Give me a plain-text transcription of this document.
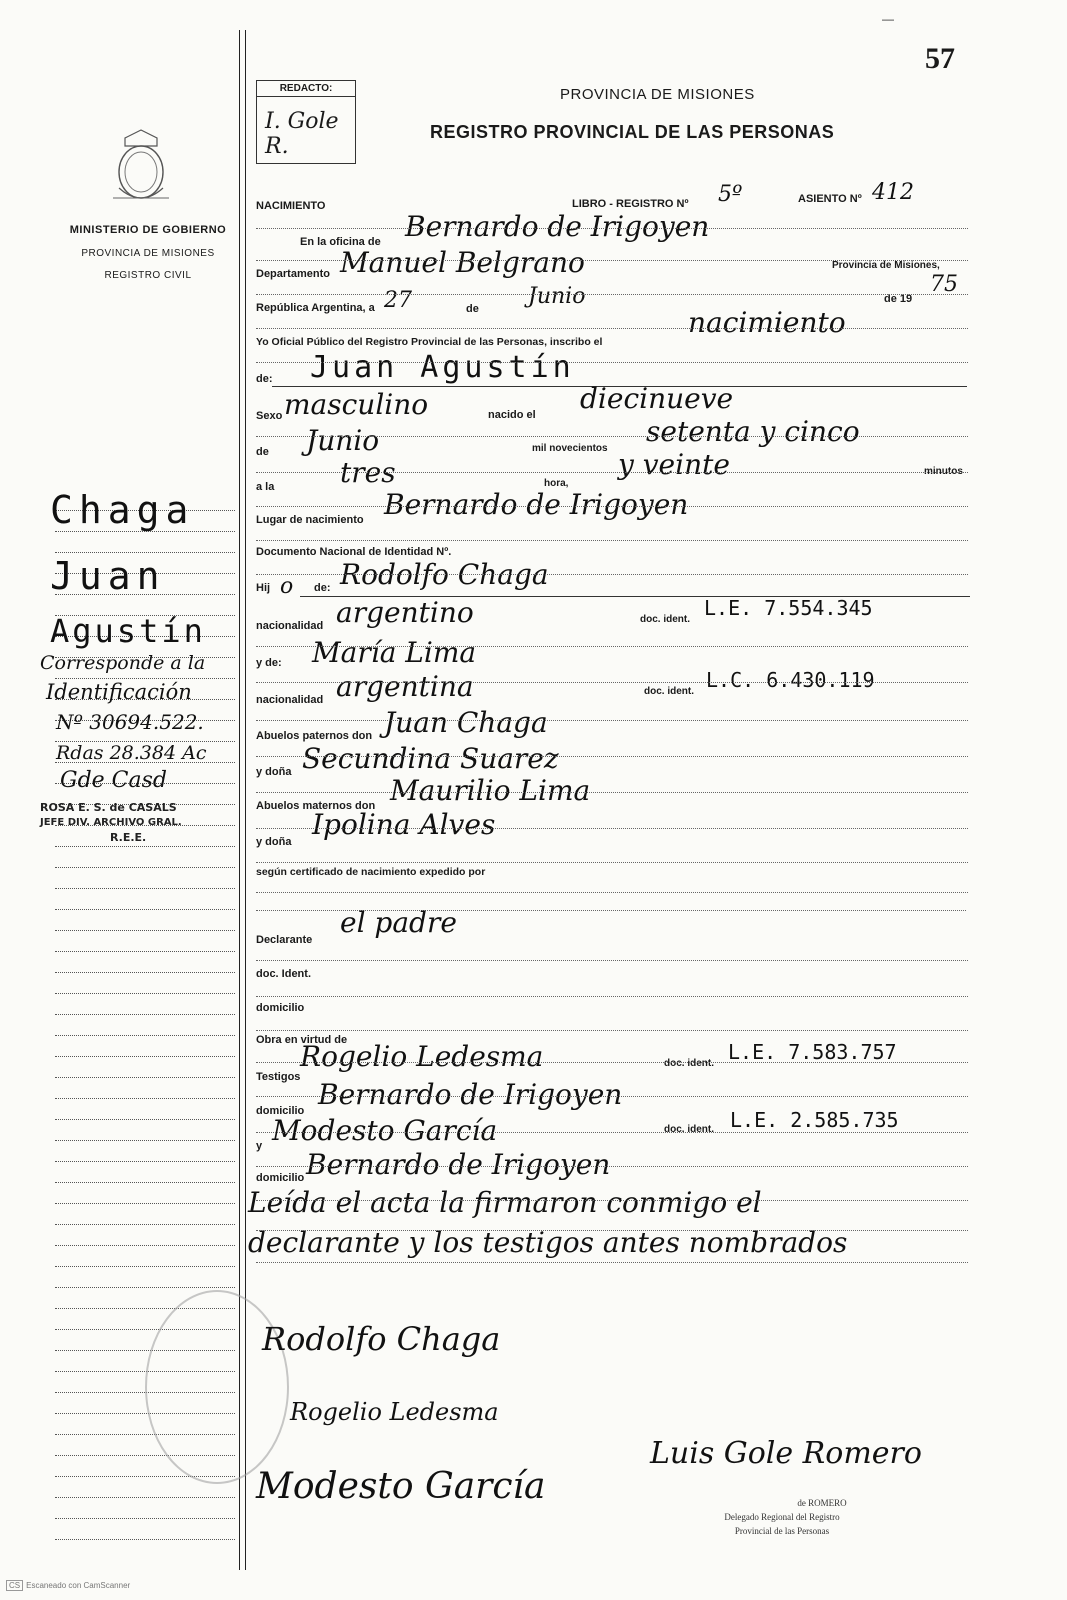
57
—
MINISTERIO DE GOBIERNO
PROVINCIA DE MISIONES
REGISTRO CIVIL
REDACTO:
I. Gole R.
PROVINCIA DE MISIONES
REGISTRO PROVINCIAL DE LAS PERSONAS
NACIMIENTO	LIBRO - REGISTRO Nº 5º	ASIENTO Nº 412
En la oficina de Bernardo de Irigoyen
Departamento Manuel Belgrano	Provincia de Misiones,
República Argentina, a 27	de Junio	de 19
75
Yo Oficial Público del Registro Provincial de las Personas, inscribo el
nacimiento
de: Juan Agustín
Sexo masculino	nacido el diecinueve
de Junio	mil novecientos
setenta y cinco
a la tres	hora,
y veinte	minutos
Lugar de nacimiento Bernardo de Irigoyen
Documento Nacional de Identidad Nº.
Hij o de: Rodolfo Chaga
nacionalidad argentino	doc. ident. L.E. 7.554.345
y de: María Lima
nacionalidad argentina	doc. ident. L.C. 6.430.119
Abuelos paternos don Juan Chaga
y doña Secundina Suarez
Abuelos maternos don Maurilio Lima
y doña
Ipolina Alves
según certificado de nacimiento expedido por
Declarante
el padre
doc. Ident.
domicilio
Obra en virtud de
Testigos
Rogelio Ledesma	doc. ident. L.E. 7.583.757
domicilio Bernardo de Irigoyen
y Modesto García	doc. ident. L.E. 2.585.735
domicilio Bernardo de Irigoyen
Leída el acta la firmaron conmigo el
declarante y los testigos antes nombrados
Rodolfo Chaga
Rogelio Ledesma
Modesto García
Luis Gole Romero
de ROMERO
Delegado Regional del Registro
Provincial de las Personas
Chaga
Juan
Agustín
Corresponde a la
Identificación
Nº 30694.522.
Rdas 28.384 Ac
Gde Casd
ROSA E. S. de CASALS
JEFE DIV. ARCHIVO GRAL.
R.E.E.
CS Escaneado con CamScanner
